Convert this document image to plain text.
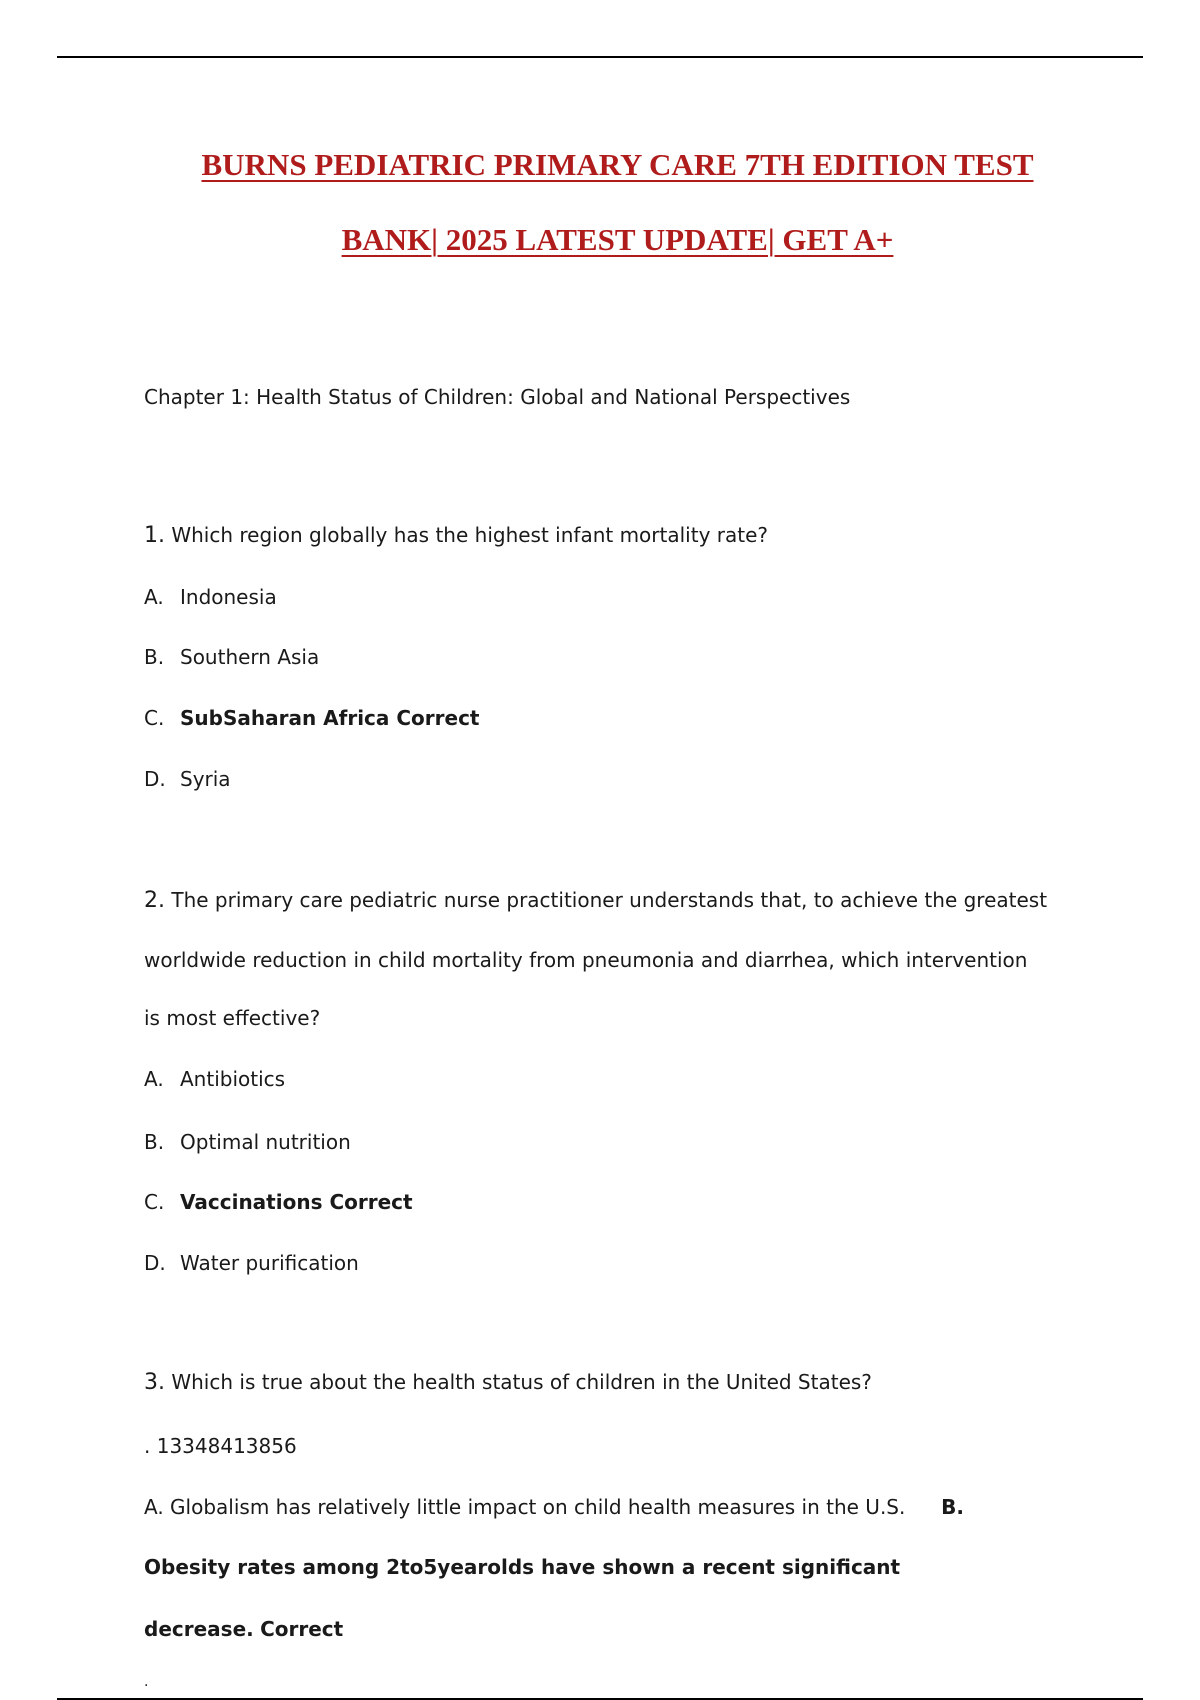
BURNS PEDIATRIC PRIMARY CARE 7TH EDITION TEST
BANK| 2025 LATEST UPDATE| GET A+
Chapter 1: Health Status of Children: Global and National Perspectives
1. Which region globally has the highest infant mortality rate?
A. Indonesia
B. Southern Asia
C. SubSaharan Africa Correct
D. Syria
2. The primary care pediatric nurse practitioner understands that, to achieve the greatest
worldwide reduction in child mortality from pneumonia and diarrhea, which intervention
is most effective?
A. Antibiotics
B. Optimal nutrition
C. Vaccinations Correct
D. Water purification
3. Which is true about the health status of children in the United States?
. 13348413856
A. Globalism has relatively little impact on child health measures in the U.S. B.
Obesity rates among 2to5yearolds have shown a recent significant
decrease. Correct
.
